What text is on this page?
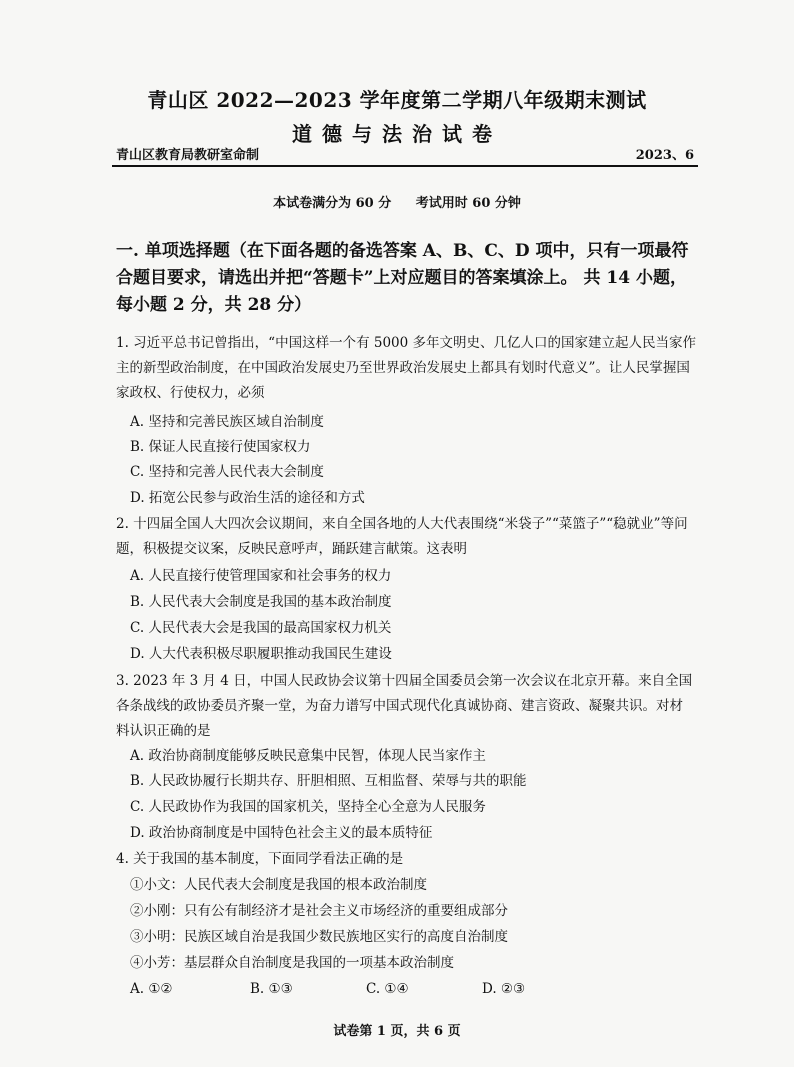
青山区 2022—2023 学年度第二学期八年级期末测试
道德与法治试卷
青山区教育局教研室命制	2023、6
本试卷满分为 60 分 考试用时 60 分钟
一. 单项选择题（在下面各题的备选答案 A、B、C、D 项中，只有一项最符合题目要求，请选出并把“答题卡”上对应题目的答案填涂上。 共 14 小题，每小题 2 分，共 28 分）
1. 习近平总书记曾指出，“中国这样一个有 5000 多年文明史、几亿人口的国家建立起人民当家作主的新型政治制度，在中国政治发展史乃至世界政治发展史上都具有划时代意义”。让人民掌握国家政权、行使权力，必须
A. 坚持和完善民族区域自治制度
B. 保证人民直接行使国家权力
C. 坚持和完善人民代表大会制度
D. 拓宽公民参与政治生活的途径和方式
2. 十四届全国人大四次会议期间，来自全国各地的人大代表围绕“米袋子”“菜篮子”“稳就业”等问题，积极提交议案，反映民意呼声，踊跃建言献策。这表明
A. 人民直接行使管理国家和社会事务的权力
B. 人民代表大会制度是我国的基本政治制度
C. 人民代表大会是我国的最高国家权力机关
D. 人大代表积极尽职履职推动我国民生建设
3. 2023 年 3 月 4 日，中国人民政协会议第十四届全国委员会第一次会议在北京开幕。来自全国各条战线的政协委员齐聚一堂，为奋力谱写中国式现代化真诚协商、建言资政、凝聚共识。对材料认识正确的是
A. 政治协商制度能够反映民意集中民智，体现人民当家作主
B. 人民政协履行长期共存、肝胆相照、互相监督、荣辱与共的职能
C. 人民政协作为我国的国家机关，坚持全心全意为人民服务
D. 政治协商制度是中国特色社会主义的最本质特征
4. 关于我国的基本制度，下面同学看法正确的是
①小文：人民代表大会制度是我国的根本政治制度
②小刚：只有公有制经济才是社会主义市场经济的重要组成部分
③小明：民族区域自治是我国少数民族地区实行的高度自治制度
④小芳：基层群众自治制度是我国的一项基本政治制度
A. ①②	B. ①③	C. ①④	D. ②③
试卷第 1 页，共 6 页
